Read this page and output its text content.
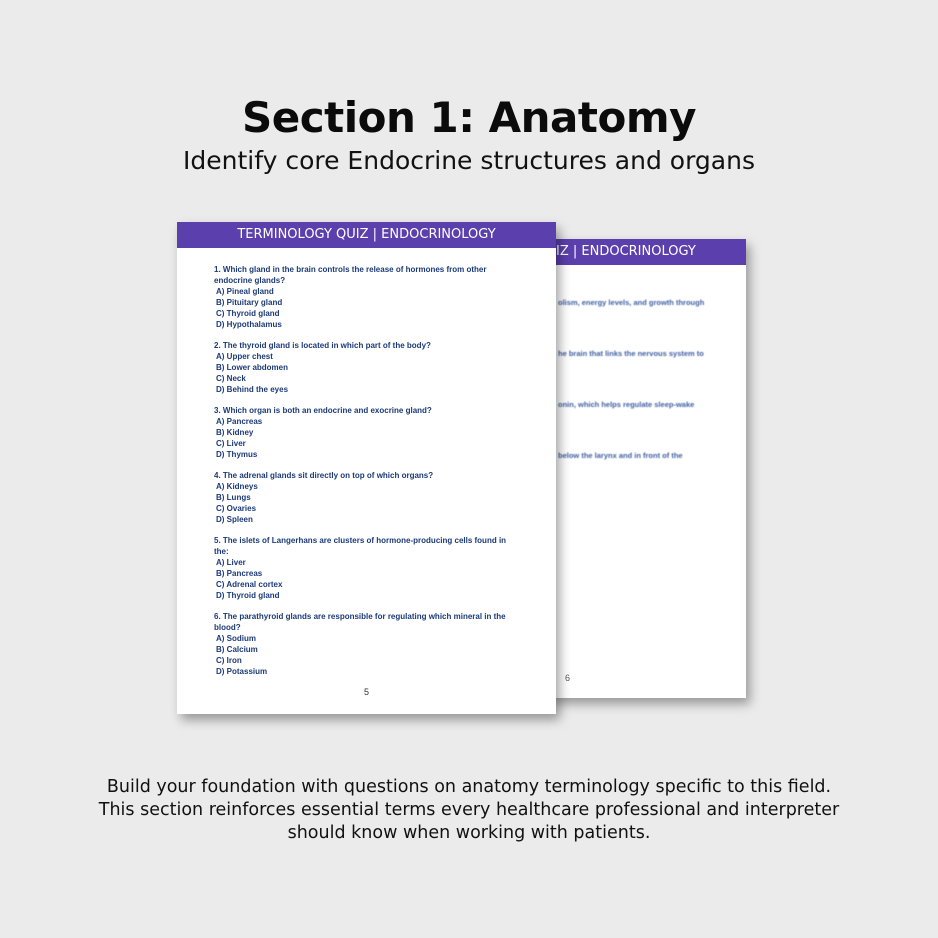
Section 1: Anatomy
Identify core Endocrine structures and organs
IZ | ENDOCRINOLOGY
olism, energy levels, and growth through
he brain that links the nervous system to
onin, which helps regulate sleep-wake
below the larynx and in front of the
6
TERMINOLOGY QUIZ | ENDOCRINOLOGY
1. Which gland in the brain controls the release of hormones from other endocrine glands?
A) Pineal gland
B) Pituitary gland
C) Thyroid gland
D) Hypothalamus
2. The thyroid gland is located in which part of the body?
A) Upper chest
B) Lower abdomen
C) Neck
D) Behind the eyes
3. Which organ is both an endocrine and exocrine gland?
A) Pancreas
B) Kidney
C) Liver
D) Thymus
4. The adrenal glands sit directly on top of which organs?
A) Kidneys
B) Lungs
C) Ovaries
D) Spleen
5. The islets of Langerhans are clusters of hormone-producing cells found in the:
A) Liver
B) Pancreas
C) Adrenal cortex
D) Thyroid gland
6. The parathyroid glands are responsible for regulating which mineral in the blood?
A) Sodium
B) Calcium
C) Iron
D) Potassium
5
Build your foundation with questions on anatomy terminology specific to this field. This section reinforces essential terms every healthcare professional and interpreter should know when working with patients.
